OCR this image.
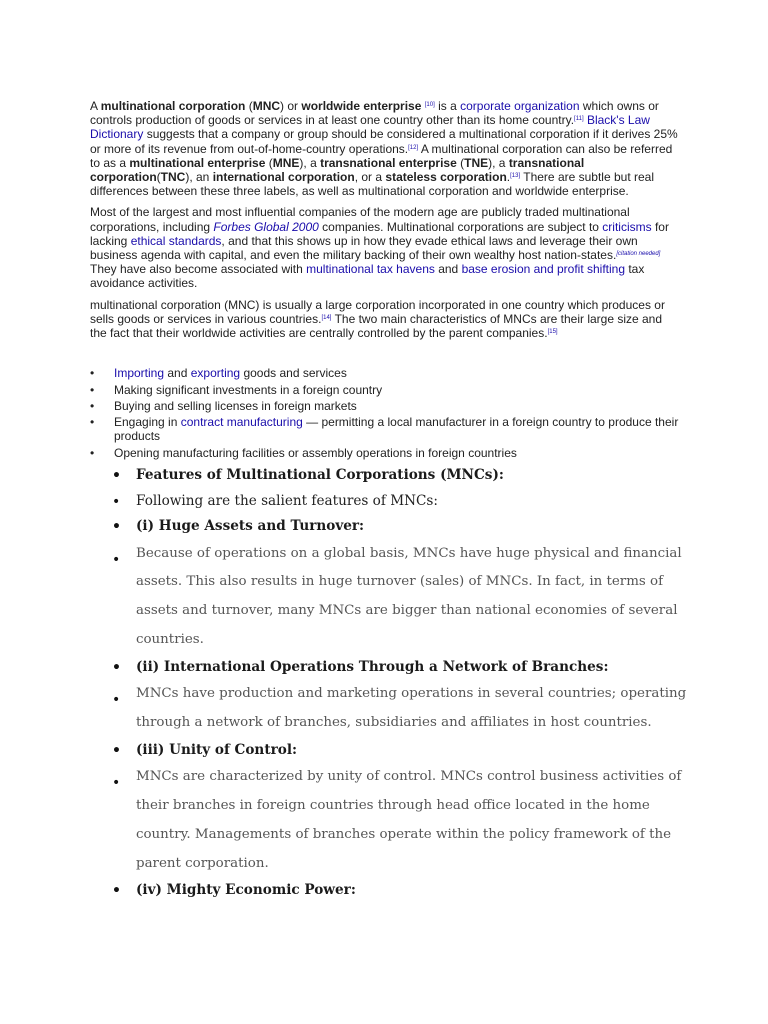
A multinational corporation (MNC) or worldwide enterprise [10] is a corporate organization which owns or controls production of goods or services in at least one country other than its home country.[11] Black's Law Dictionary suggests that a company or group should be considered a multinational corporation if it derives 25% or more of its revenue from out-of-home-country operations.[12] A multinational corporation can also be referred to as a multinational enterprise (MNE), a transnational enterprise (TNE), a transnational corporation(TNC), an international corporation, or a stateless corporation.[13] There are subtle but real differences between these three labels, as well as multinational corporation and worldwide enterprise.

Most of the largest and most influential companies of the modern age are publicly traded multinational corporations, including Forbes Global 2000 companies. Multinational corporations are subject to criticisms for lacking ethical standards, and that this shows up in how they evade ethical laws and leverage their own business agenda with capital, and even the military backing of their own wealthy host nation-states.[citation needed] They have also become associated with multinational tax havens and base erosion and profit shifting tax avoidance activities.

multinational corporation (MNC) is usually a large corporation incorporated in one country which produces or sells goods or services in various countries.[14] The two main characteristics of MNCs are their large size and the fact that their worldwide activities are centrally controlled by the parent companies.[15]

• Importing and exporting goods and services
• Making significant investments in a foreign country
• Buying and selling licenses in foreign markets
• Engaging in contract manufacturing — permitting a local manufacturer in a foreign country to produce their products
• Opening manufacturing facilities or assembly operations in foreign countries
• Features of Multinational Corporations (MNCs):
• Following are the salient features of MNCs:
• (i) Huge Assets and Turnover:
• Because of operations on a global basis, MNCs have huge physical and financial assets. This also results in huge turnover (sales) of MNCs. In fact, in terms of assets and turnover, many MNCs are bigger than national economies of several countries.
• (ii) International Operations Through a Network of Branches:
• MNCs have production and marketing operations in several countries; operating through a network of branches, subsidiaries and affiliates in host countries.
• (iii) Unity of Control:
• MNCs are characterized by unity of control. MNCs control business activities of their branches in foreign countries through head office located in the home country. Managements of branches operate within the policy framework of the parent corporation.
• (iv) Mighty Economic Power:
